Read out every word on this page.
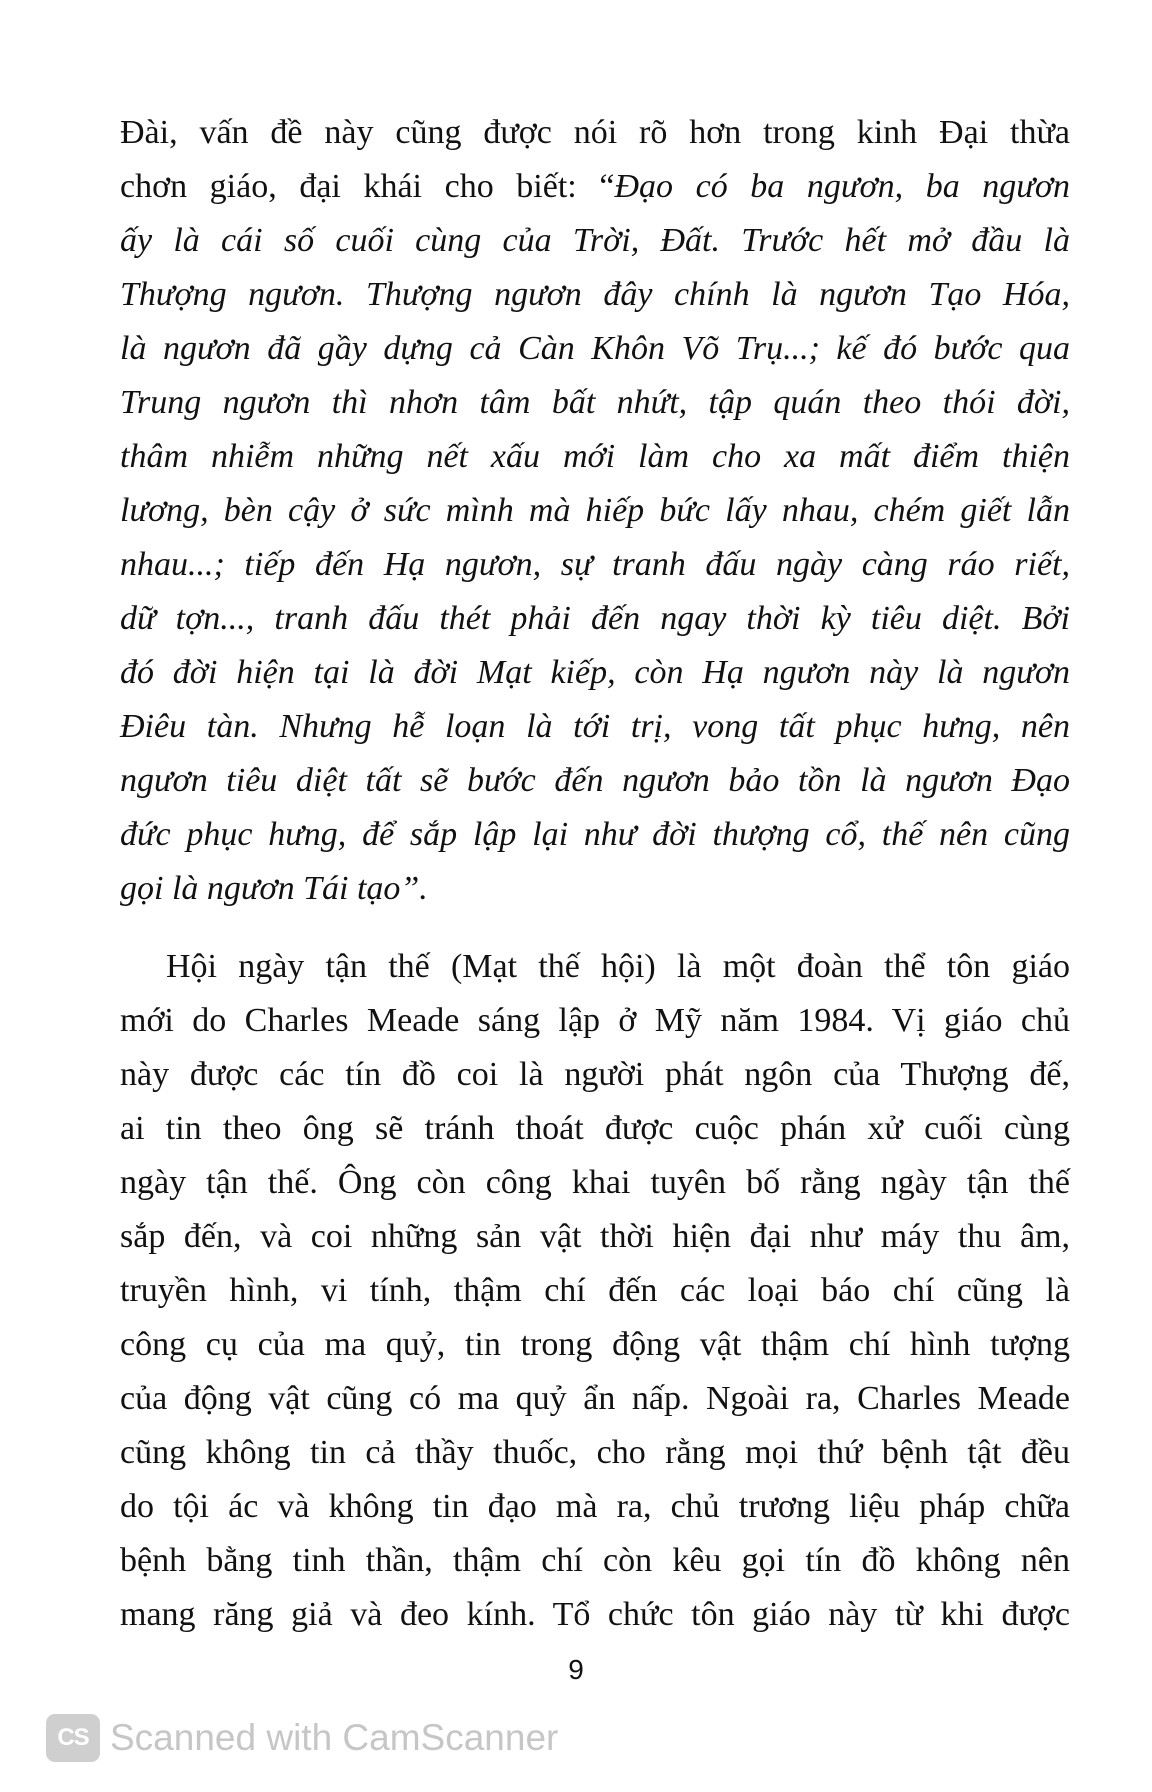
Đài, vấn đề này cũng được nói rõ hơn trong kinh Đại thừa
chơn giáo, đại khái cho biết: “Đạo có ba ngươn, ba ngươn
ấy là cái số cuối cùng của Trời, Đất. Trước hết mở đầu là
Thượng ngươn. Thượng ngươn đây chính là ngươn Tạo Hóa,
là ngươn đã gầy dựng cả Càn Khôn Võ Trụ...; kế đó bước qua
Trung ngươn thì nhơn tâm bất nhứt, tập quán theo thói đời,
thâm nhiễm những nết xấu mới làm cho xa mất điểm thiện
lương, bèn cậy ở sức mình mà hiếp bức lấy nhau, chém giết lẫn
nhau...; tiếp đến Hạ ngươn, sự tranh đấu ngày càng ráo riết,
dữ tợn..., tranh đấu thét phải đến ngay thời kỳ tiêu diệt. Bởi
đó đời hiện tại là đời Mạt kiếp, còn Hạ ngươn này là ngươn
Điêu tàn. Nhưng hễ loạn là tới trị, vong tất phục hưng, nên
ngươn tiêu diệt tất sẽ bước đến ngươn bảo tồn là ngươn Đạo
đức phục hưng, để sắp lập lại như đời thượng cổ, thế nên cũng
gọi là ngươn Tái tạo”.
Hội ngày tận thế (Mạt thế hội) là một đoàn thể tôn giáo
mới do Charles Meade sáng lập ở Mỹ năm 1984. Vị giáo chủ
này được các tín đồ coi là người phát ngôn của Thượng đế,
ai tin theo ông sẽ tránh thoát được cuộc phán xử cuối cùng
ngày tận thế. Ông còn công khai tuyên bố rằng ngày tận thế
sắp đến, và coi những sản vật thời hiện đại như máy thu âm,
truyền hình, vi tính, thậm chí đến các loại báo chí cũng là
công cụ của ma quỷ, tin trong động vật thậm chí hình tượng
của động vật cũng có ma quỷ ẩn nấp. Ngoài ra, Charles Meade
cũng không tin cả thầy thuốc, cho rằng mọi thứ bệnh tật đều
do tội ác và không tin đạo mà ra, chủ trương liệu pháp chữa
bệnh bằng tinh thần, thậm chí còn kêu gọi tín đồ không nên
mang răng giả và đeo kính. Tổ chức tôn giáo này từ khi được
9
CS Scanned with CamScanner
